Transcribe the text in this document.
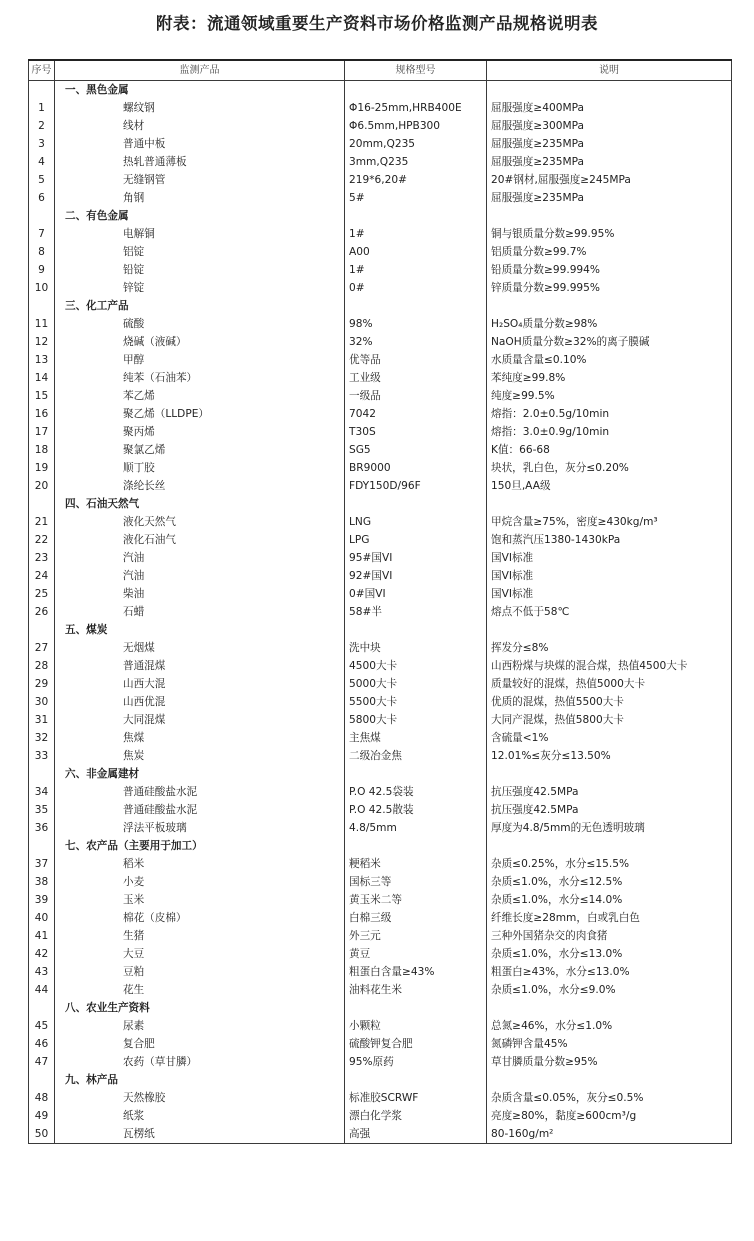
附表：流通领域重要生产资料市场价格监测产品规格说明表
序号	监测产品	规格型号	说明
	一、黑色金属		
1	螺纹钢	Φ16-25mm,HRB400E	屈服强度≥400MPa
2	线材	Φ6.5mm,HPB300	屈服强度≥300MPa
3	普通中板	20mm,Q235	屈服强度≥235MPa
4	热轧普通薄板	3mm,Q235	屈服强度≥235MPa
5	无缝钢管	219*6,20#	20#钢材,屈服强度≥245MPa
6	角钢	5#	屈服强度≥235MPa
	二、有色金属		
7	电解铜	1#	铜与银质量分数≥99.95%
8	铝锭	A00	铝质量分数≥99.7%
9	铅锭	1#	铅质量分数≥99.994%
10	锌锭	0#	锌质量分数≥99.995%
	三、化工产品		
11	硫酸	98%	H₂SO₄质量分数≥98%
12	烧碱（液碱）	32%	NaOH质量分数≥32%的离子膜碱
13	甲醇	优等品	水质量含量≤0.10%
14	纯苯（石油苯）	工业级	苯纯度≥99.8%
15	苯乙烯	一级品	纯度≥99.5%
16	聚乙烯（LLDPE）	7042	熔指：2.0±0.5g/10min
17	聚丙烯	T30S	熔指：3.0±0.9g/10min
18	聚氯乙烯	SG5	K值：66-68
19	顺丁胶	BR9000	块状，乳白色，灰分≤0.20%
20	涤纶长丝	FDY150D/96F	150旦,AA级
	四、石油天然气		
21	液化天然气	LNG	甲烷含量≥75%，密度≥430kg/m³
22	液化石油气	LPG	饱和蒸汽压1380-1430kPa
23	汽油	95#国VI	国VI标准
24	汽油	92#国VI	国VI标准
25	柴油	0#国VI	国VI标准
26	石蜡	58#半	熔点不低于58℃
	五、煤炭		
27	无烟煤	洗中块	挥发分≤8%
28	普通混煤	4500大卡	山西粉煤与块煤的混合煤，热值4500大卡
29	山西大混	5000大卡	质量较好的混煤，热值5000大卡
30	山西优混	5500大卡	优质的混煤，热值5500大卡
31	大同混煤	5800大卡	大同产混煤，热值5800大卡
32	焦煤	主焦煤	含硫量<1%
33	焦炭	二级冶金焦	12.01%≤灰分≤13.50%
	六、非金属建材		
34	普通硅酸盐水泥	P.O 42.5袋装	抗压强度42.5MPa
35	普通硅酸盐水泥	P.O 42.5散装	抗压强度42.5MPa
36	浮法平板玻璃	4.8/5mm	厚度为4.8/5mm的无色透明玻璃
	七、农产品（主要用于加工）		
37	稻米	粳稻米	杂质≤0.25%，水分≤15.5%
38	小麦	国标三等	杂质≤1.0%，水分≤12.5%
39	玉米	黄玉米二等	杂质≤1.0%，水分≤14.0%
40	棉花（皮棉）	白棉三级	纤维长度≥28mm，白或乳白色
41	生猪	外三元	三种外国猪杂交的肉食猪
42	大豆	黄豆	杂质≤1.0%，水分≤13.0%
43	豆粕	粗蛋白含量≥43%	粗蛋白≥43%，水分≤13.0%
44	花生	油料花生米	杂质≤1.0%，水分≤9.0%
	八、农业生产资料		
45	尿素	小颗粒	总氮≥46%，水分≤1.0%
46	复合肥	硫酸钾复合肥	氮磷钾含量45%
47	农药（草甘膦）	95%原药	草甘膦质量分数≥95%
	九、林产品		
48	天然橡胶	标准胶SCRWF	杂质含量≤0.05%，灰分≤0.5%
49	纸浆	漂白化学浆	亮度≥80%，黏度≥600cm³/g
50	瓦楞纸	高强	80-160g/m²
